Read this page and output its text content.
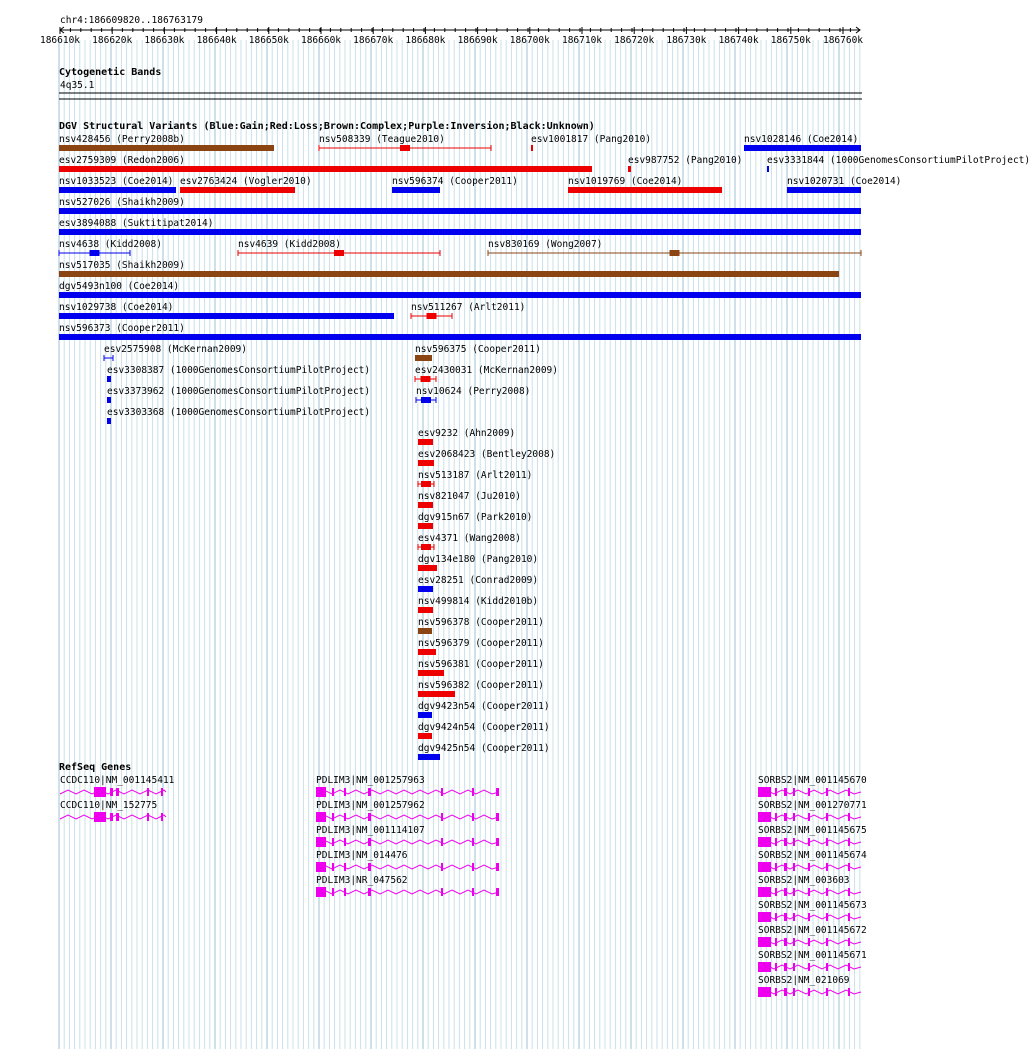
chr4:186609820..186763179
186610k 186620k 186630k 186640k 186650k 186660k 186670k 186680k 186690k 186700k 186710k 186720k 186730k 186740k 186750k 186760k
Cytogenetic Bands
4q35.1
DGV Structural Variants (Blue:Gain;Red:Loss;Brown:Complex;Purple:Inversion;Black:Unknown)
nsv428456 (Perry2008b)	nsv508339 (Teague2010)	esv1001817 (Pang2010)	nsv1028146 (Coe2014)
esv2759309 (Redon2006)	esv987752 (Pang2010)	esv3331844 (1000GenomesConsortiumPilotProject)
nsv1033523 (Coe2014) esv2763424 (Vogler2010)	nsv596374 (Cooper2011)	nsv1019769 (Coe2014)	nsv1020731 (Coe2014)
nsv527026 (Shaikh2009)
esv3894088 (Suktitipat2014)
nsv4638 (Kidd2008)	nsv4639 (Kidd2008)	nsv830169 (Wong2007)
nsv517035 (Shaikh2009)
dgv5493n100 (Coe2014)
nsv1029738 (Coe2014)	nsv511267 (Arlt2011)
nsv596373 (Cooper2011)
esv2575908 (McKernan2009)	nsv596375 (Cooper2011)
esv3308387 (1000GenomesConsortiumPilotProject)	esv2430031 (McKernan2009)
esv3373962 (1000GenomesConsortiumPilotProject)	nsv10624 (Perry2008)
esv3303368 (1000GenomesConsortiumPilotProject)
esv9232 (Ahn2009)
esv2068423 (Bentley2008)
nsv513187 (Arlt2011)
nsv821047 (Ju2010)
dgv915n67 (Park2010)
esv4371 (Wang2008)
dgv134e180 (Pang2010)
esv28251 (Conrad2009)
nsv499814 (Kidd2010b)
nsv596378 (Cooper2011)
nsv596379 (Cooper2011)
nsv596381 (Cooper2011)
nsv596382 (Cooper2011)
dgv9423n54 (Cooper2011)
dgv9424n54 (Cooper2011)
dgv9425n54 (Cooper2011)
RefSeq Genes
CCDC110|NM_001145411
CCDC110|NM_152775
PDLIM3|NM_001257963
PDLIM3|NM_001257962
PDLIM3|NM_001114107
PDLIM3|NM_014476
PDLIM3|NR_047562
SORBS2|NM_001145670
SORBS2|NM_001270771
SORBS2|NM_001145675
SORBS2|NM_001145674
SORBS2|NM_003603
SORBS2|NM_001145673
SORBS2|NM_001145672
SORBS2|NM_001145671
SORBS2|NM_021069
